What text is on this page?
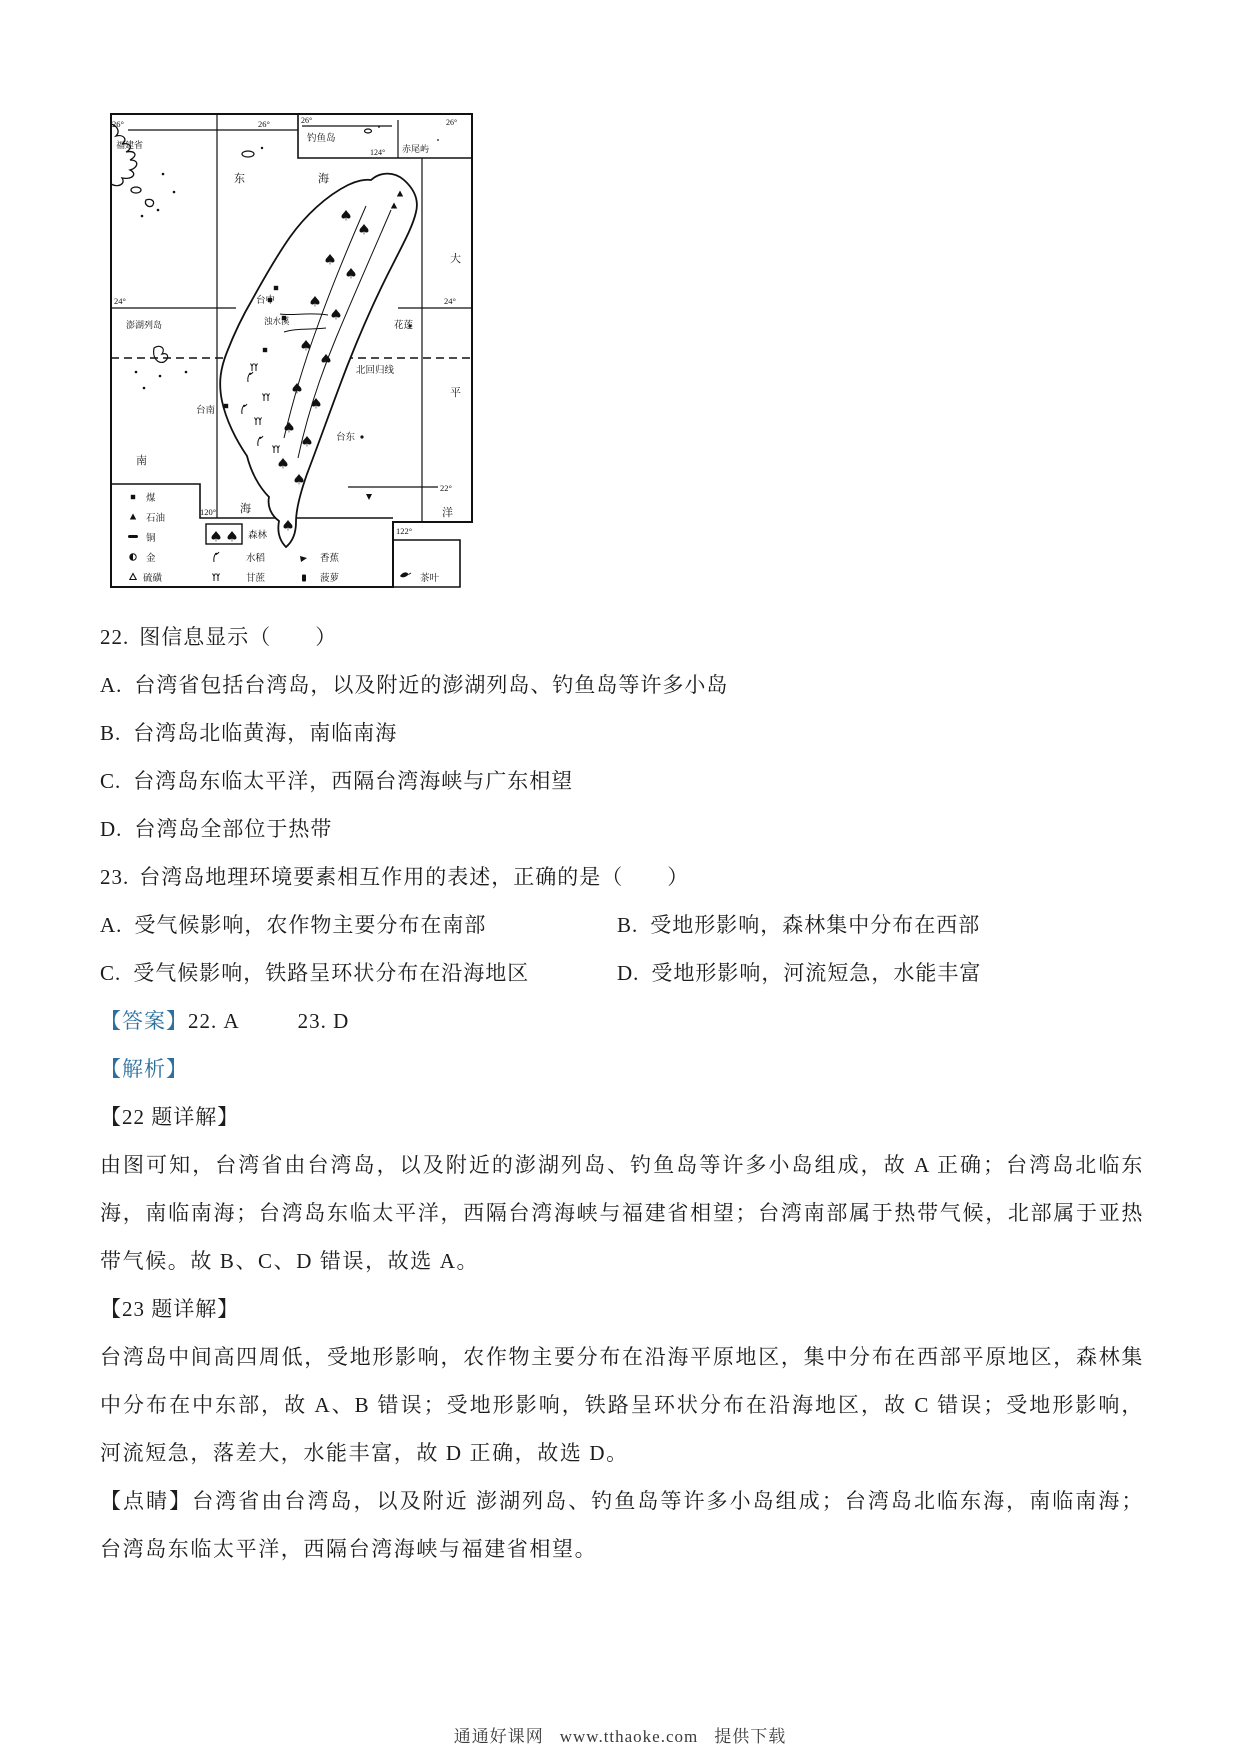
26°	26°
福建省
26°
钓鱼岛
124° 赤尾屿
26°
东	海
24°	24°
澎湖列岛
台中
浊水溪	花莲
北回归线
台南
台东
南
22°
海
120°
122°
大
平
洋
煤
石油
铜
金
硫磺
森林
水稻
甘蔗
香蕉
菠萝	茶叶

22. 图信息显示（　　）

A. 台湾省包括台湾岛，以及附近的澎湖列岛、钓鱼岛等许多小岛

B. 台湾岛北临黄海，南临南海

C. 台湾岛东临太平洋，西隔台湾海峡与广东相望

D. 台湾岛全部位于热带

23. 台湾岛地理环境要素相互作用的表述，正确的是（　　）

A. 受气候影响，农作物主要分布在南部	B. 受地形影响，森林集中分布在西部

C. 受气候影响，铁路呈环状分布在沿海地区	D. 受地形影响，河流短急，水能丰富

【答案】22. A	23. D

【解析】

【22 题详解】

由图可知，台湾省由台湾岛，以及附近的澎湖列岛、钓鱼岛等许多小岛组成，故 A 正确；台湾岛北临东海，南临南海；台湾岛东临太平洋，西隔台湾海峡与福建省相望；台湾南部属于热带气候，北部属于亚热带气候。故 B、C、D 错误，故选 A。

【23 题详解】

台湾岛中间高四周低，受地形影响，农作物主要分布在沿海平原地区，集中分布在西部平原地区，森林集中分布在中东部，故 A、B 错误；受地形影响，铁路呈环状分布在沿海地区，故 C 错误；受地形影响，河流短急，落差大，水能丰富，故 D 正确，故选 D。

【点睛】台湾省由台湾岛，以及附近 澎湖列岛、钓鱼岛等许多小岛组成；台湾岛北临东海，南临南海；台湾岛东临太平洋，西隔台湾海峡与福建省相望。

通通好课网 www.tthaoke.com 提供下载
